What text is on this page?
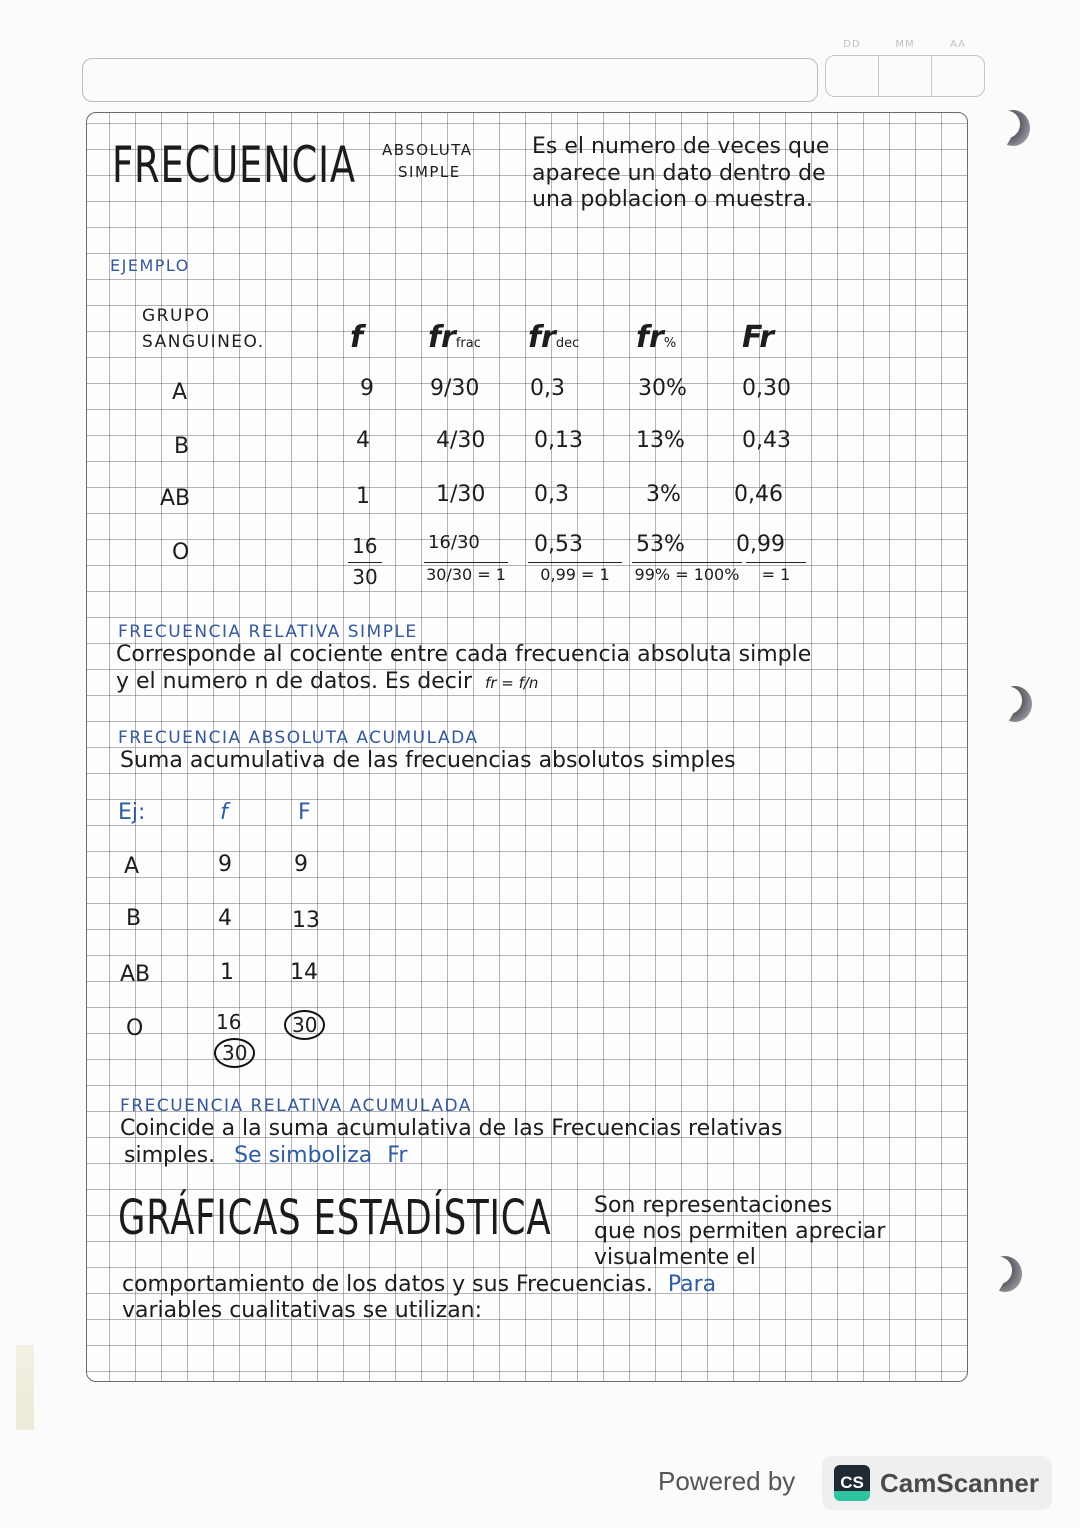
DD	MM	AA
FRECUENCIA ABSOLUTA
SIMPLE
Es el numero de veces que
aparece un dato dentro de
una poblacion o muestra.
EJEMPLO
GRUPO
SANGUINEO.	f frfrac frdec fr% Fr
A	9	9/30 0,3	30%	0,30
B	4	4/30 0,13 13%	0,43
AB	1	1/30 0,3	3% 0,46
O	16	16/30 0,53 53% 0,99
30	30/30 = 1	0,99 = 1	99% = 100%	= 1
FRECUENCIA RELATIVA SIMPLE
Corresponde al cociente entre cada frecuencia absoluta simple
y el numero n de datos. Es decir fr = f/n
FRECUENCIA ABSOLUTA ACUMULADA
Suma acumulativa de las frecuencias absolutos simples
Ej:	f	F
A	9	9
B	4	13
AB	1	14
O	16	30
30
FRECUENCIA RELATIVA ACUMULADA
Coincide a la suma acumulativa de las Frecuencias relativas
simples. Se simboliza Fr
GRÁFICAS ESTADÍSTICA Son representaciones
que nos permiten apreciar
visualmente el
comportamiento de los datos y sus Frecuencias. Para
variables cualitativas se utilizan:
Powered by	CS CamScanner
